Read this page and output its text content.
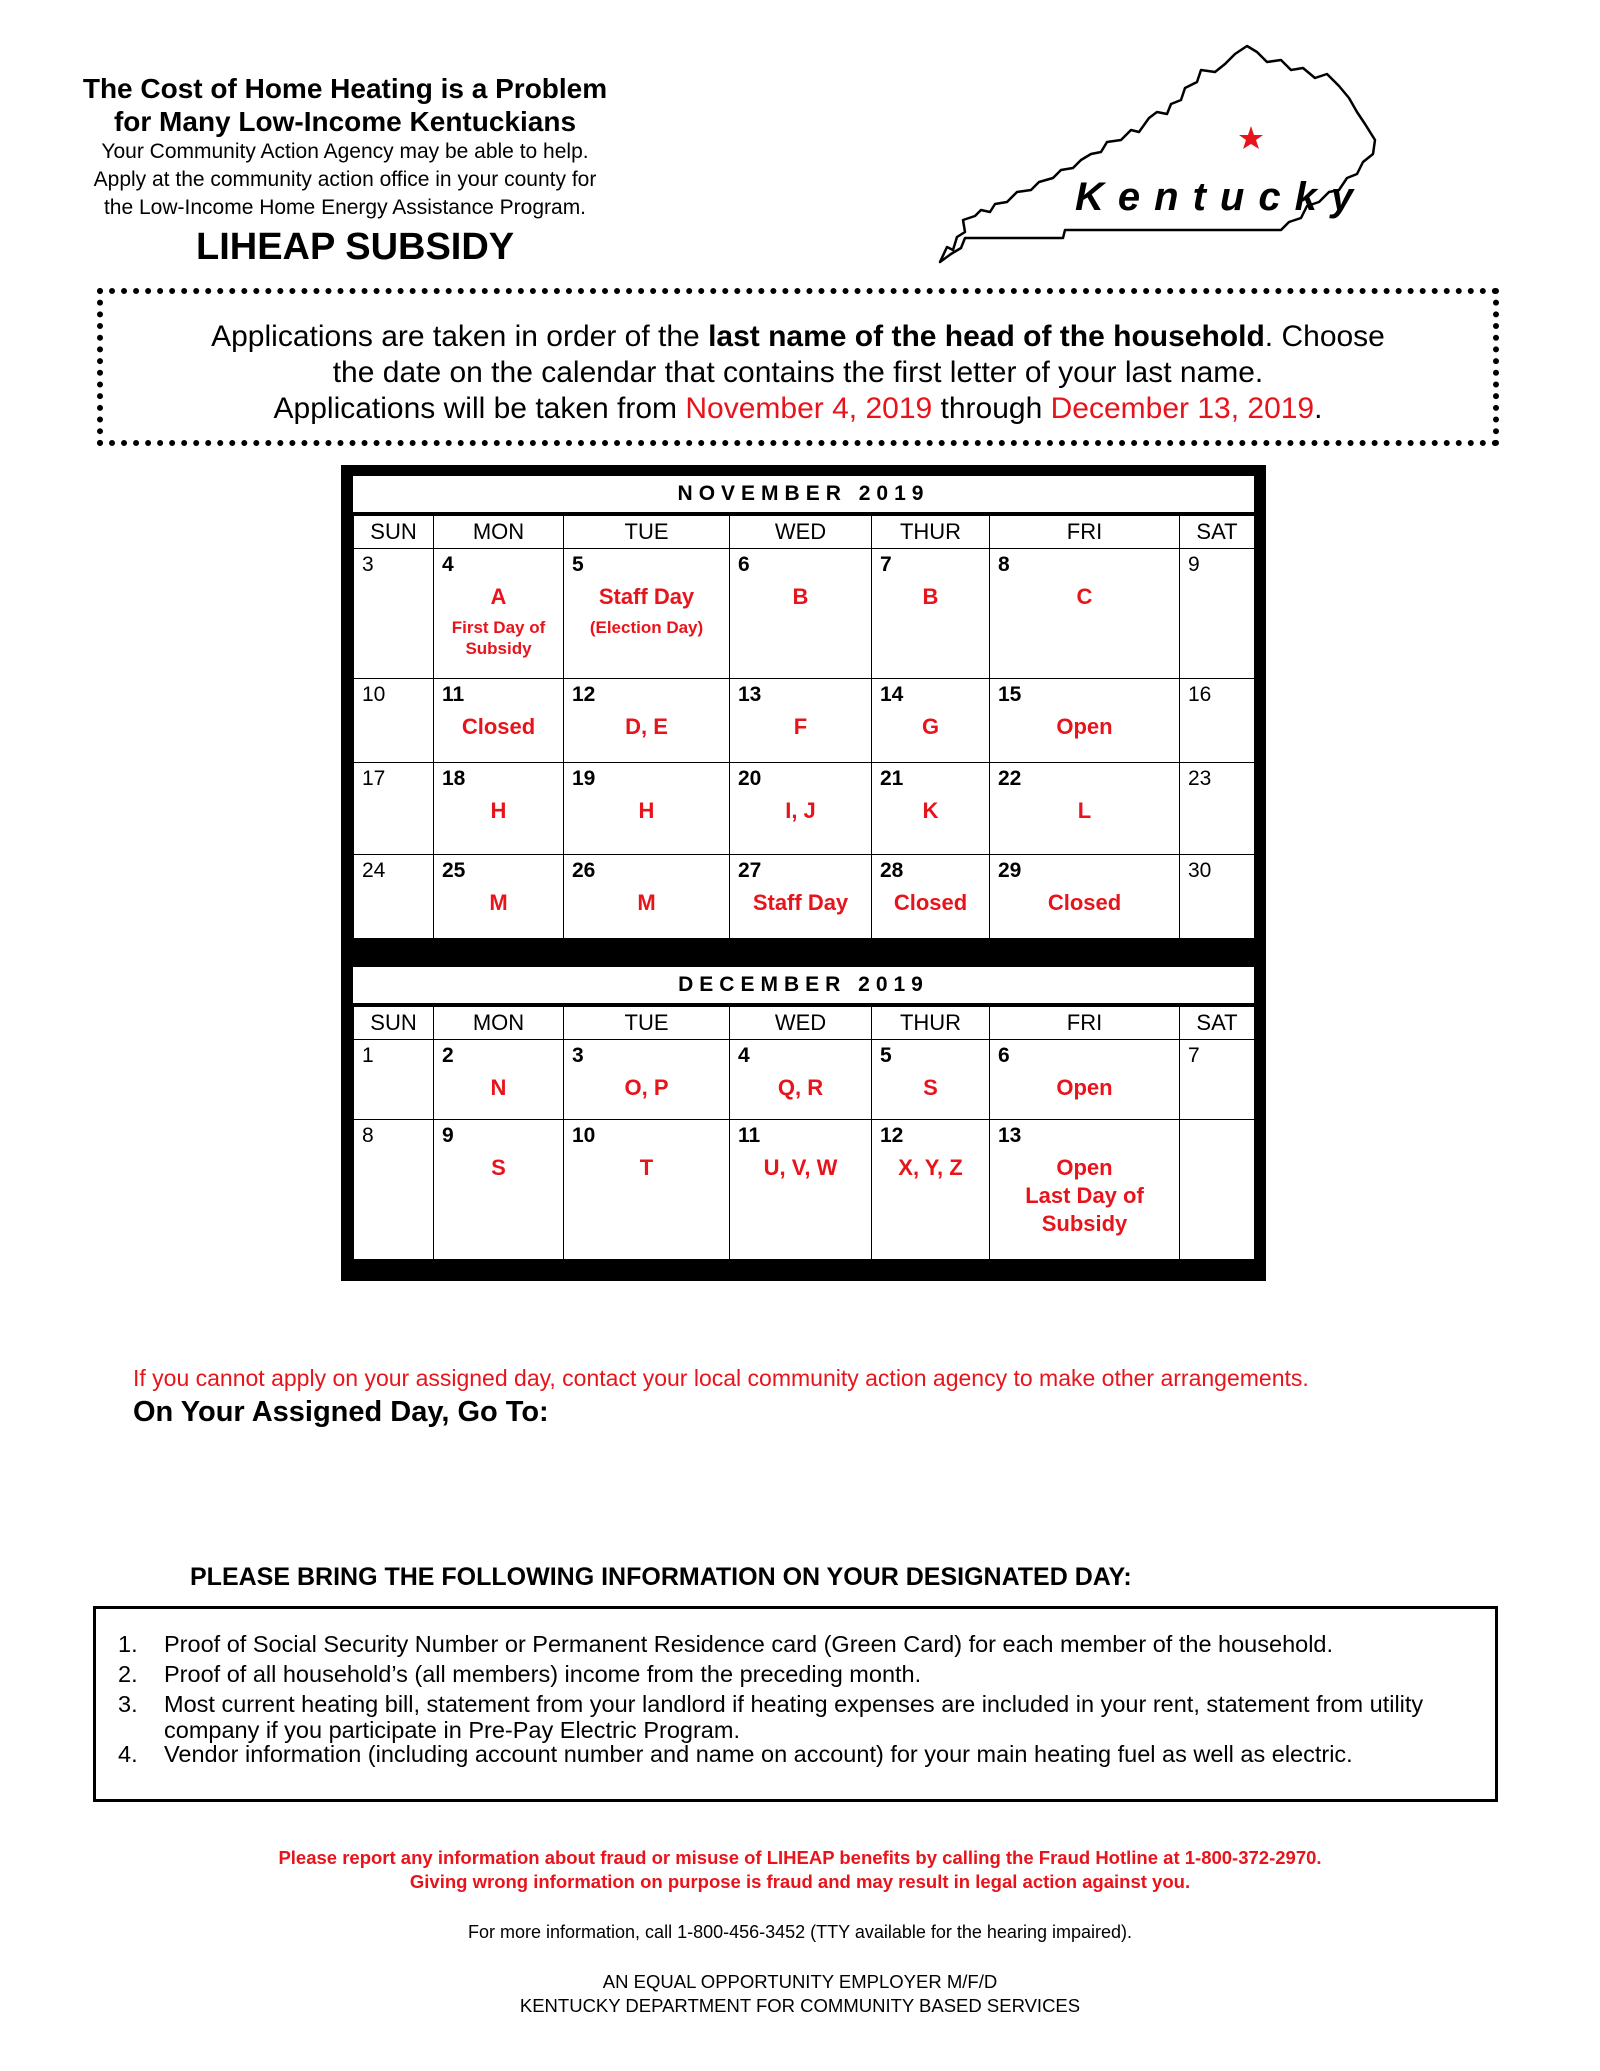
The Cost of Home Heating is a Problem
for Many Low-Income Kentuckians
Your Community Action Agency may be able to help.
Apply at the community action office in your county for
the Low-Income Home Energy Assistance Program.
LIHEAP SUBSIDY
Kentucky
Applications are taken in order of the last name of the head of the household. Choose
the date on the calendar that contains the first letter of your last name.
Applications will be taken from November 4, 2019 through December 13, 2019.
NOVEMBER 2019
SUN	MON	TUE	WED	THUR	FRI	SAT

3	4
A
First Day of Subsidy	5
Staff Day
(Election Day)	6
B	7
B	8
C	9

10	11
Closed	12
D, E	13
F	14
G	15
Open	16

17	18
H	19
H	20
I, J	21
K	22
L	23

24	25
M	26
M	27
Staff Day	28
Closed	29
Closed	30
DECEMBER 2019
SUN	MON	TUE	WED	THUR	FRI	SAT

1	2
N	3
O, P	4
Q, R	5
S	6
Open	7

8	9
S	10
T	11
U, V, W	12
X, Y, Z	13
Open
Last Day of Subsidy	

If you cannot apply on your assigned day, contact your local community action agency to make other arrangements.
On Your Assigned Day, Go To:
PLEASE BRING THE FOLLOWING INFORMATION ON YOUR DESIGNATED DAY:
1. Proof of Social Security Number or Permanent Residence card (Green Card) for each member of the household.
2. Proof of all household’s (all members) income from the preceding month.
3. Most current heating bill, statement from your landlord if heating expenses are included in your rent, statement from utility company if you participate in Pre-Pay Electric Program.
4. Vendor information (including account number and name on account) for your main heating fuel as well as electric.
Please report any information about fraud or misuse of LIHEAP benefits by calling the Fraud Hotline at 1-800-372-2970.
Giving wrong information on purpose is fraud and may result in legal action against you.
For more information, call 1-800-456-3452 (TTY available for the hearing impaired).
AN EQUAL OPPORTUNITY EMPLOYER M/F/D
KENTUCKY DEPARTMENT FOR COMMUNITY BASED SERVICES
